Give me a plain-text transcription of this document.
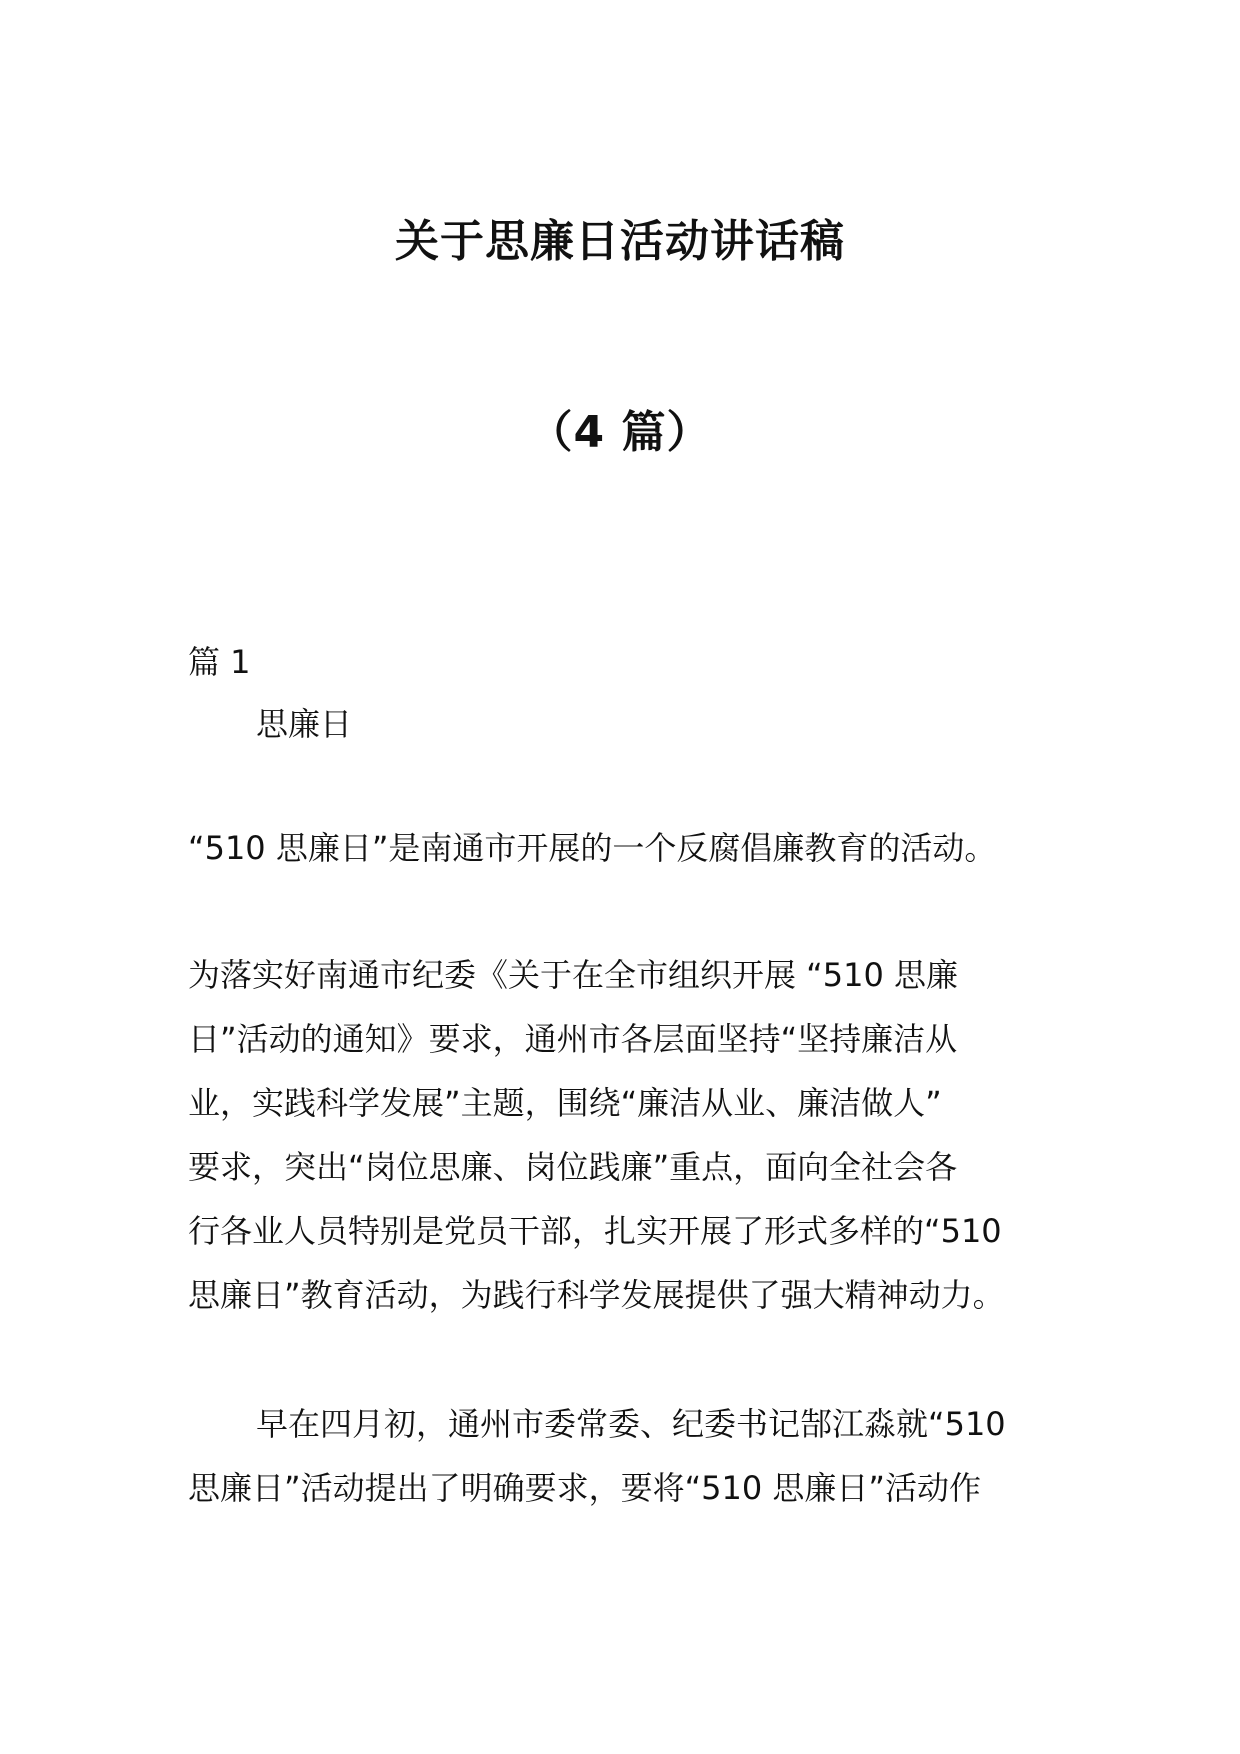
关于思廉日活动讲话稿
（4 篇）

篇 1

思廉日

“510 思廉日”是南通市开展的一个反腐倡廉教育的活动。

为落实好南通市纪委《关于在全市组织开展 “510 思廉

日”活动的通知》要求，通州市各层面坚持“坚持廉洁从

业，实践科学发展”主题，围绕“廉洁从业、廉洁做人”

要求，突出“岗位思廉、岗位践廉”重点，面向全社会各

行各业人员特别是党员干部，扎实开展了形式多样的“510

思廉日”教育活动，为践行科学发展提供了强大精神动力。

早在四月初，通州市委常委、纪委书记郜江淼就“510

思廉日”活动提出了明确要求，要将“510 思廉日”活动作
